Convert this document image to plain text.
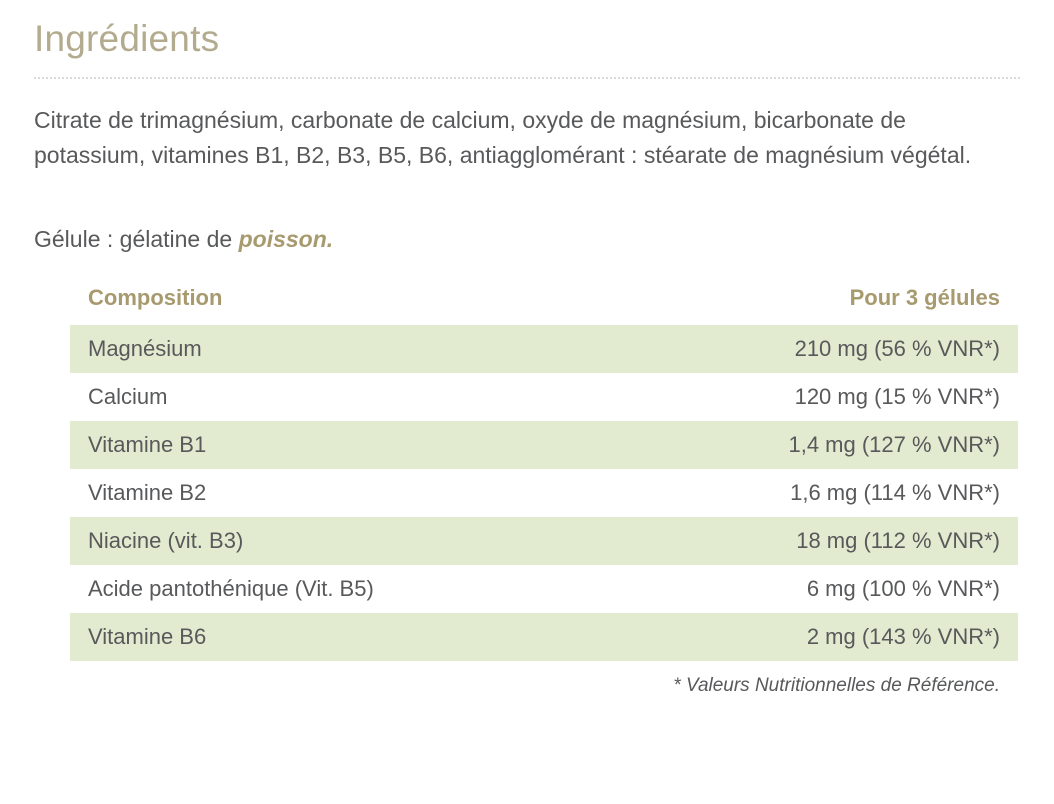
Ingrédients

Citrate de trimagnésium, carbonate de calcium, oxyde de magnésium, bicarbonate de potassium, vitamines B1, B2, B3, B5, B6, antiagglomérant : stéarate de magnésium végétal.

Gélule : gélatine de poisson.

Composition	Pour 3 gélules
Magnésium	210 mg (56 % VNR*)
Calcium	120 mg (15 % VNR*)
Vitamine B1	1,4 mg (127 % VNR*)
Vitamine B2	1,6 mg (114 % VNR*)
Niacine (vit. B3)	18 mg (112 % VNR*)
Acide pantothénique (Vit. B5)	6 mg (100 % VNR*)
Vitamine B6	2 mg (143 % VNR*)
* Valeurs Nutritionnelles de Référence.
